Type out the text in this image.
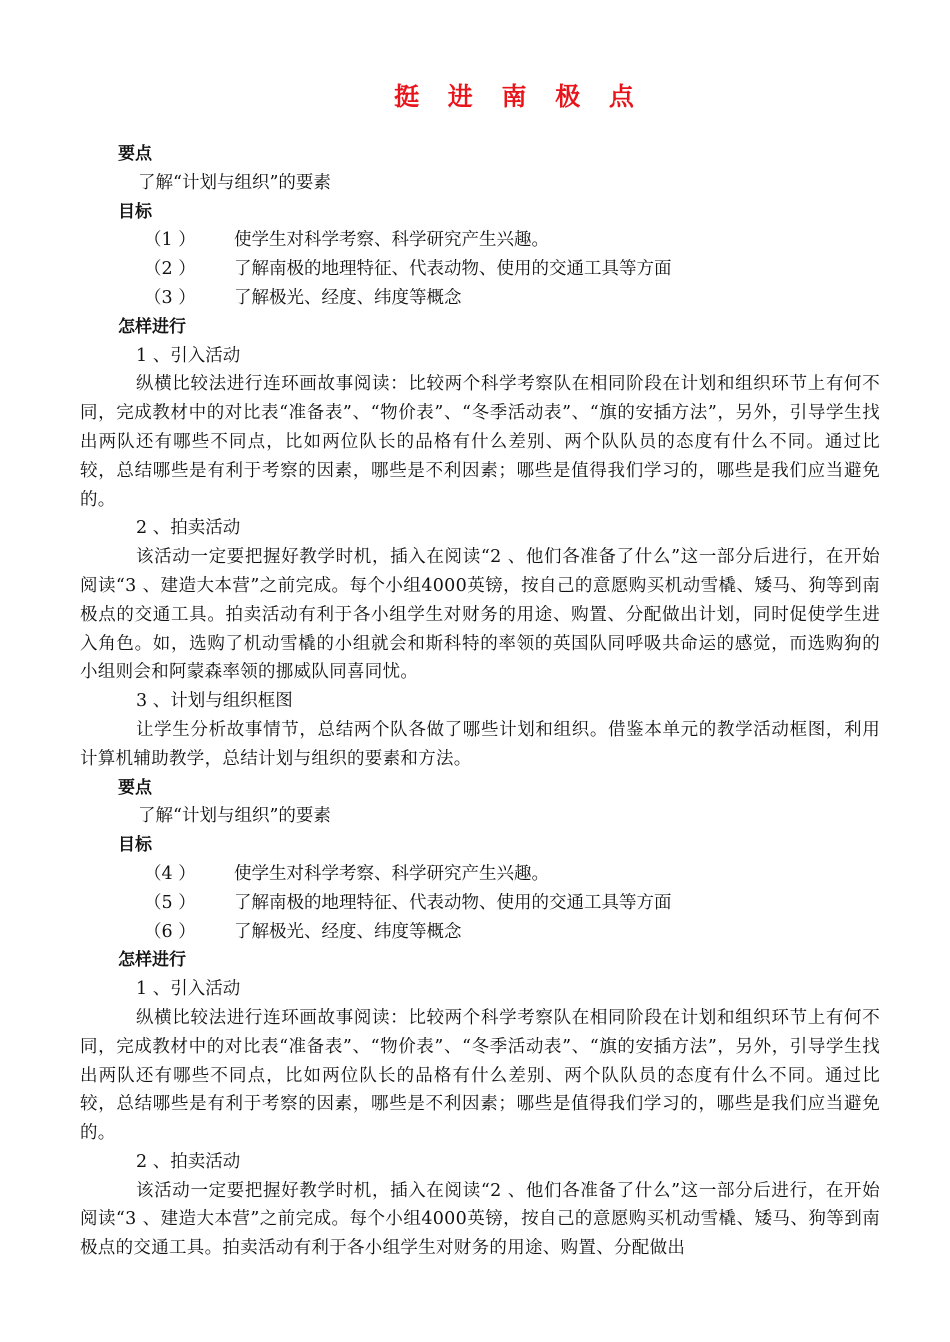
挺 进 南 极 点
要点
了解“计划与组织”的要素
目标
（1 ） 使学生对科学考察、科学研究产生兴趣。
（2 ） 了解南极的地理特征、代表动物、使用的交通工具等方面
（3 ） 了解极光、经度、纬度等概念
怎样进行
1 、引入活动
纵横比较法进行连环画故事阅读：比较两个科学考察队在相同阶段在计划和组织环节上有何不同，完成教材中的对比表“准备表”、“物价表”、“冬季活动表”、“旗的安插方法”，另外，引导学生找出两队还有哪些不同点，比如两位队长的品格有什么差别、两个队队员的态度有什么不同。通过比较，总结哪些是有利于考察的因素，哪些是不利因素；哪些是值得我们学习的，哪些是我们应当避免的。
2 、拍卖活动
该活动一定要把握好教学时机，插入在阅读“2 、他们各准备了什么”这一部分后进行，在开始阅读“3 、建造大本营”之前完成。每个小组4000英镑，按自己的意愿购买机动雪橇、矮马、狗等到南极点的交通工具。拍卖活动有利于各小组学生对财务的用途、购置、分配做出计划，同时促使学生进入角色。如，选购了机动雪橇的小组就会和斯科特的率领的英国队同呼吸共命运的感觉，而选购狗的小组则会和阿蒙森率领的挪威队同喜同忧。
3 、计划与组织框图
让学生分析故事情节，总结两个队各做了哪些计划和组织。借鉴本单元的教学活动框图，利用计算机辅助教学，总结计划与组织的要素和方法。
要点
了解“计划与组织”的要素
目标
（4 ） 使学生对科学考察、科学研究产生兴趣。
（5 ） 了解南极的地理特征、代表动物、使用的交通工具等方面
（6 ） 了解极光、经度、纬度等概念
怎样进行
1 、引入活动
纵横比较法进行连环画故事阅读：比较两个科学考察队在相同阶段在计划和组织环节上有何不同，完成教材中的对比表“准备表”、“物价表”、“冬季活动表”、“旗的安插方法”，另外，引导学生找出两队还有哪些不同点，比如两位队长的品格有什么差别、两个队队员的态度有什么不同。通过比较，总结哪些是有利于考察的因素，哪些是不利因素；哪些是值得我们学习的，哪些是我们应当避免的。
2 、拍卖活动
该活动一定要把握好教学时机，插入在阅读“2 、他们各准备了什么”这一部分后进行，在开始阅读“3 、建造大本营”之前完成。每个小组4000英镑，按自己的意愿购买机动雪橇、矮马、狗等到南极点的交通工具。拍卖活动有利于各小组学生对财务的用途、购置、分配做出
